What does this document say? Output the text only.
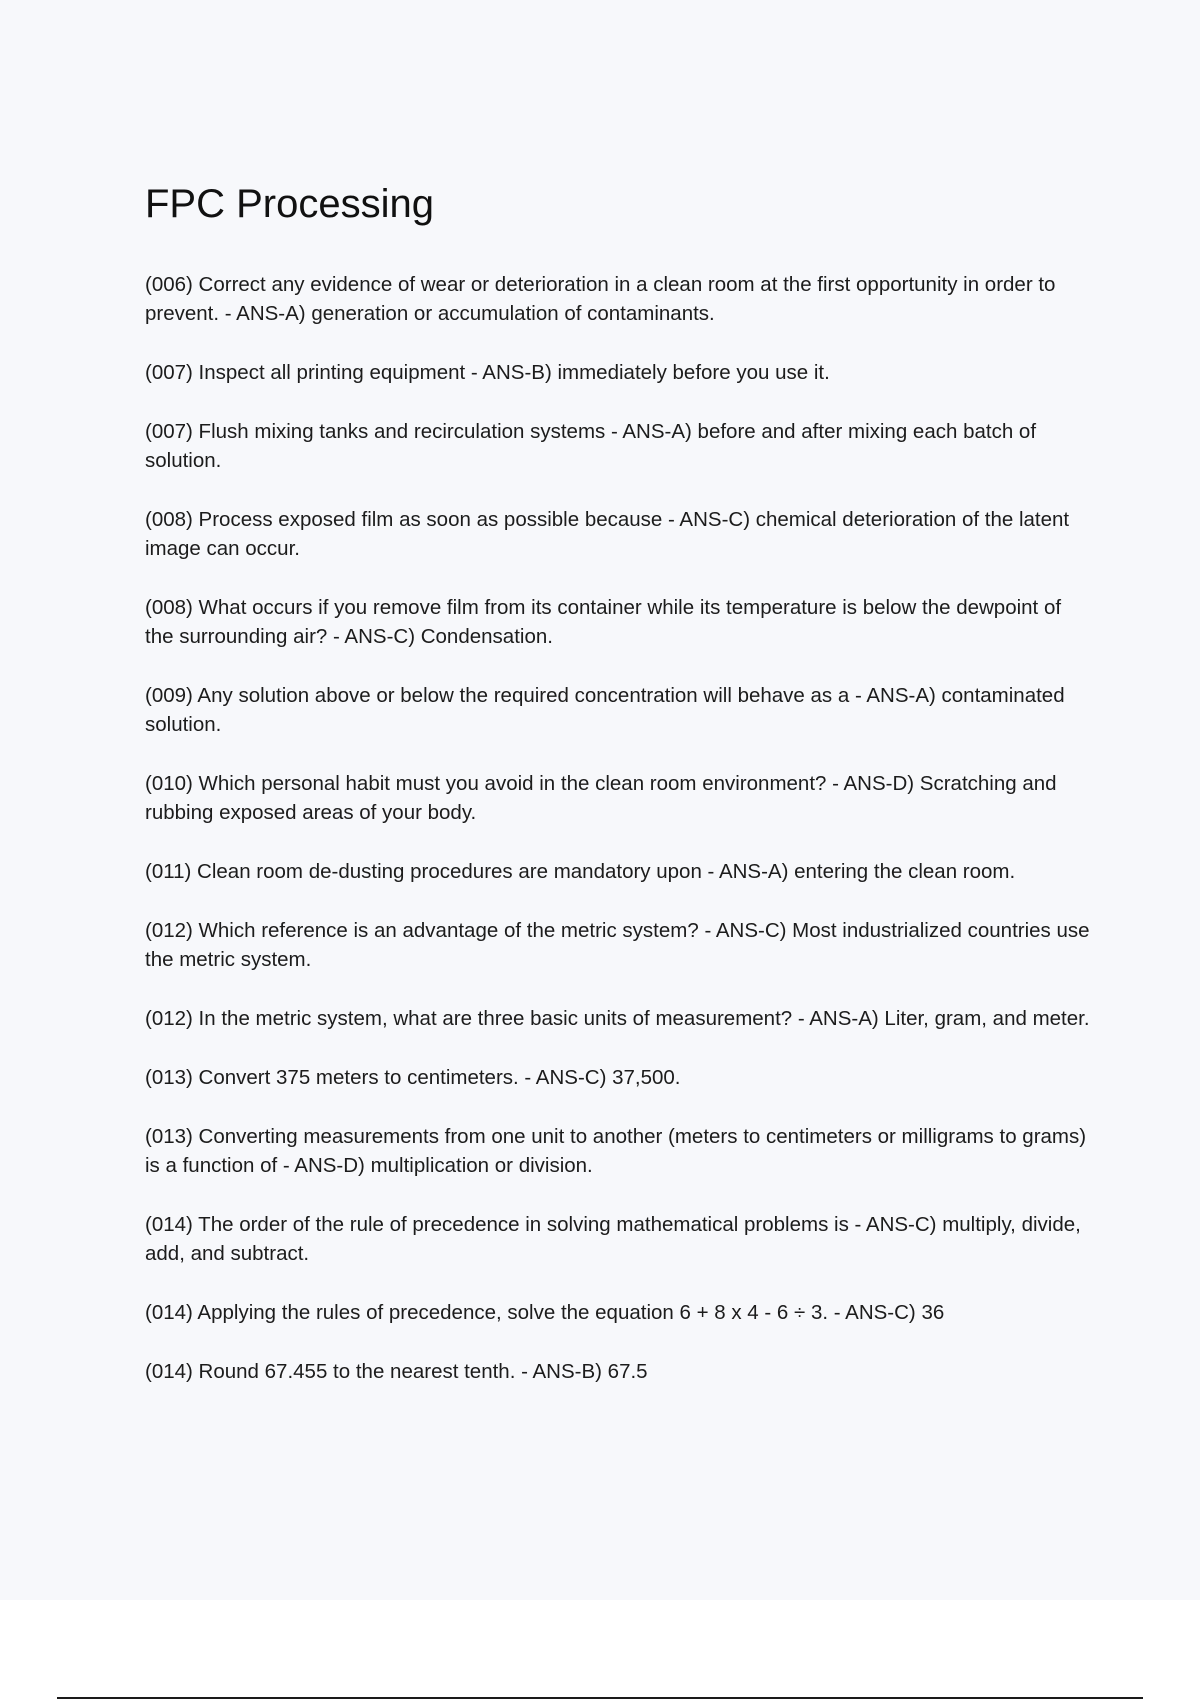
FPC Processing

(006) Correct any evidence of wear or deterioration in a clean room at the first opportunity in order to prevent. - ANS-A) generation or accumulation of contaminants.

(007) Inspect all printing equipment - ANS-B) immediately before you use it.

(007) Flush mixing tanks and recirculation systems - ANS-A) before and after mixing each batch of solution.

(008) Process exposed film as soon as possible because - ANS-C) chemical deterioration of the latent image can occur.

(008) What occurs if you remove film from its container while its temperature is below the dewpoint of the surrounding air? - ANS-C) Condensation.

(009) Any solution above or below the required concentration will behave as a - ANS-A) contaminated solution.

(010) Which personal habit must you avoid in the clean room environment? - ANS-D) Scratching and rubbing exposed areas of your body.

(011) Clean room de-dusting procedures are mandatory upon - ANS-A) entering the clean room.

(012) Which reference is an advantage of the metric system? - ANS-C) Most industrialized countries use the metric system.

(012) In the metric system, what are three basic units of measurement? - ANS-A) Liter, gram, and meter.

(013) Convert 375 meters to centimeters. - ANS-C) 37,500.

(013) Converting measurements from one unit to another (meters to centimeters or milligrams to grams) is a function of - ANS-D) multiplication or division.

(014) The order of the rule of precedence in solving mathematical problems is - ANS-C) multiply, divide, add, and subtract.

(014) Applying the rules of precedence, solve the equation 6 + 8 x 4 - 6 ÷ 3. - ANS-C) 36

(014) Round 67.455 to the nearest tenth. - ANS-B) 67.5
